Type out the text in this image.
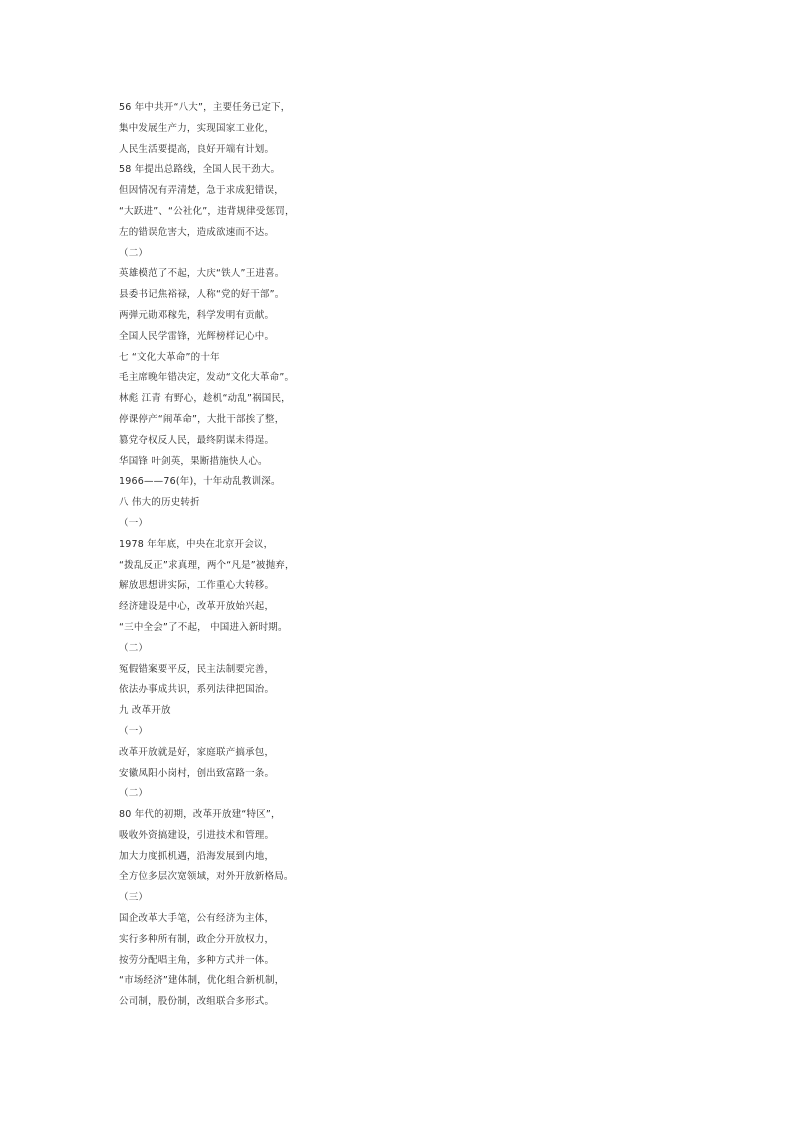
56 年中共开“八大”，主要任务已定下，
集中发展生产力，实现国家工业化，
人民生活要提高，良好开端有计划。
58 年提出总路线，全国人民干劲大。
但因情况有弄清楚，急于求成犯错误，
“大跃进”、“公社化”，违背规律受惩罚，
左的错误危害大，造成欲速而不达。
（二）
英雄模范了不起，大庆“铁人”王进喜。
县委书记焦裕禄，人称“党的好干部”。
两弹元勋邓稼先，科学发明有贡献。
全国人民学雷锋，光辉榜样记心中。
七 “文化大革命”的十年
毛主席晚年错决定，发动“文化大革命”。
林彪 江青 有野心，趁机“动乱”祸国民，
停课停产“闹革命”，大批干部挨了整，
篡党夺权反人民，最终阴谋未得逞。
华国锋 叶剑英，果断措施快人心。
1966——76(年)，十年动乱教训深。
八 伟大的历史转折
（一）
1978 年年底，中央在北京开会议，
“拨乱反正”求真理，两个“凡是”被抛弃，
解放思想讲实际，工作重心大转移。
经济建设是中心，改革开放始兴起，
“三中全会”了不起， 中国进入新时期。
（二）
冤假错案要平反，民主法制要完善，
依法办事成共识，系列法律把国治。
九 改革开放
（一）
改革开放就是好，家庭联产搞承包，
安徽凤阳小岗村，创出致富路一条。
（二）
80 年代的初期，改革开放建“特区”，
吸收外资搞建设，引进技术和管理。
加大力度抓机遇，沿海发展到内地，
全方位多层次宽领域，对外开放新格局。
（三）
国企改革大手笔，公有经济为主体，
实行多种所有制，政企分开放权力，
按劳分配唱主角，多种方式并一体。
“市场经济”建体制，优化组合新机制，
公司制，股份制，改组联合多形式。
